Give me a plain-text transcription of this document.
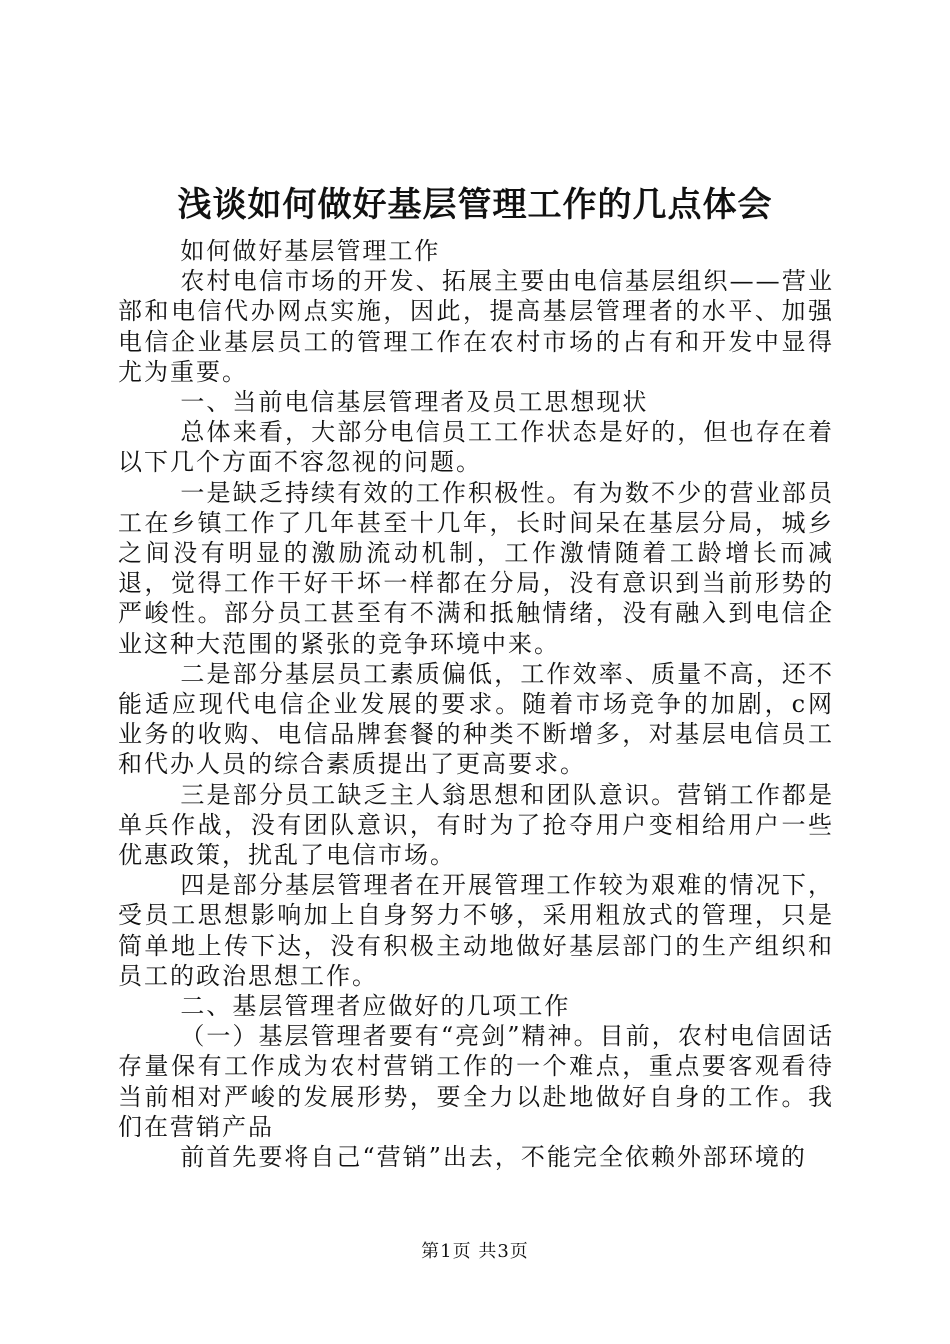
浅谈如何做好基层管理工作的几点体会

如何做好基层管理工作

农村电信市场的开发、拓展主要由电信基层组织——营业部和电信代办网点实施，因此，提高基层管理者的水平、加强电信企业基层员工的管理工作在农村市场的占有和开发中显得尤为重要。

一、当前电信基层管理者及员工思想现状

总体来看，大部分电信员工工作状态是好的，但也存在着以下几个方面不容忽视的问题。

一是缺乏持续有效的工作积极性。有为数不少的营业部员工在乡镇工作了几年甚至十几年，长时间呆在基层分局，城乡之间没有明显的激励流动机制，工作激情随着工龄增长而减退，觉得工作干好干坏一样都在分局，没有意识到当前形势的严峻性。部分员工甚至有不满和抵触情绪，没有融入到电信企业这种大范围的紧张的竞争环境中来。

二是部分基层员工素质偏低，工作效率、质量不高，还不能适应现代电信企业发展的要求。随着市场竞争的加剧，c网业务的收购、电信品牌套餐的种类不断增多，对基层电信员工和代办人员的综合素质提出了更高要求。

三是部分员工缺乏主人翁思想和团队意识。营销工作都是单兵作战，没有团队意识，有时为了抢夺用户变相给用户一些优惠政策，扰乱了电信市场。

四是部分基层管理者在开展管理工作较为艰难的情况下，受员工思想影响加上自身努力不够，采用粗放式的管理，只是简单地上传下达，没有积极主动地做好基层部门的生产组织和员工的政治思想工作。

二、基层管理者应做好的几项工作

（一）基层管理者要有“亮剑”精神。目前，农村电信固话存量保有工作成为农村营销工作的一个难点，重点要客观看待当前相对严峻的发展形势，要全力以赴地做好自身的工作。我们在营销产品

前首先要将自己“营销”出去，不能完全依赖外部环境的

第1页 共3页
